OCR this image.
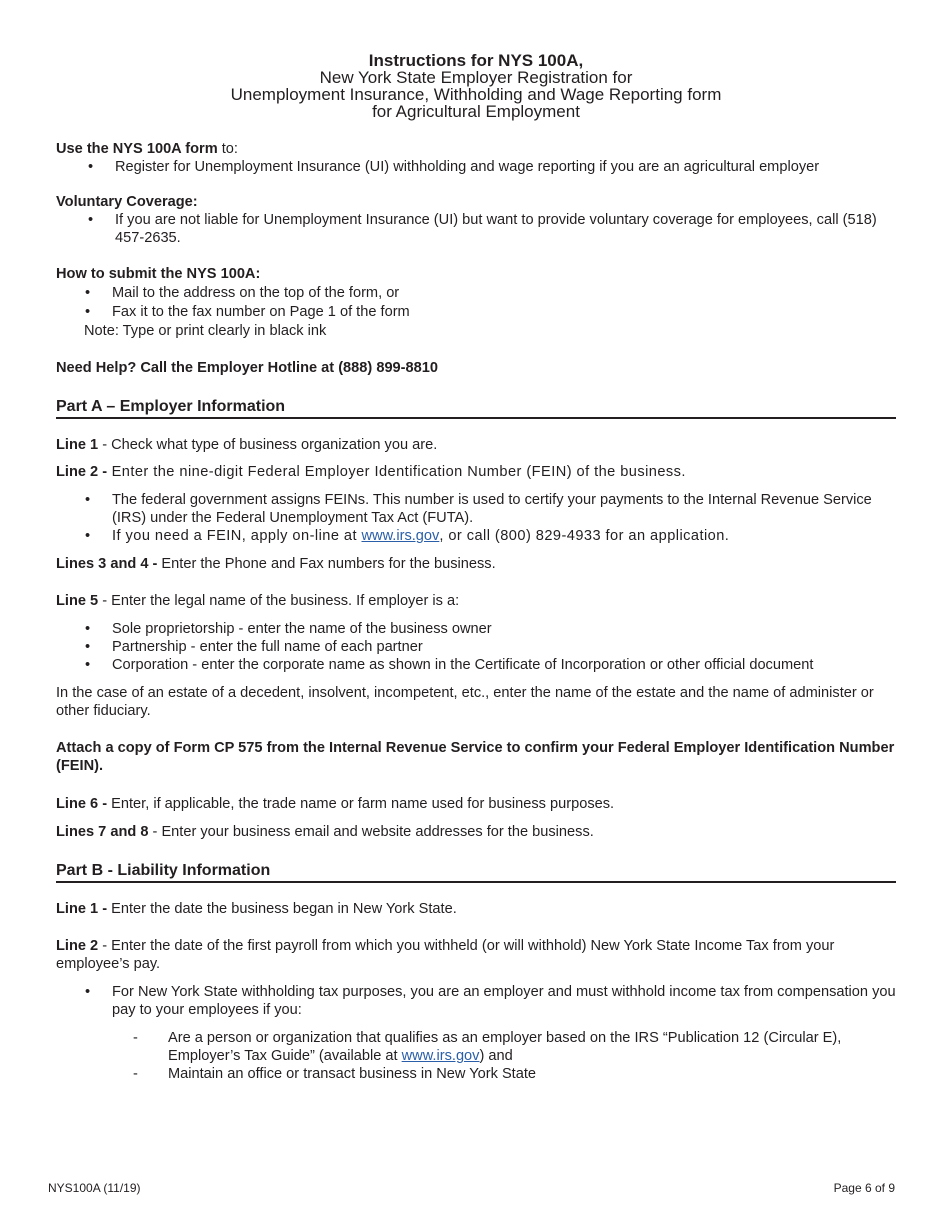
Instructions for NYS 100A,
New York State Employer Registration for
Unemployment Insurance, Withholding and Wage Reporting form
for Agricultural Employment

Use the NYS 100A form to:

• Register for Unemployment Insurance (UI) withholding and wage reporting if you are an agricultural employer

Voluntary Coverage:

• If you are not liable for Unemployment Insurance (UI) but want to provide voluntary coverage for employees, call (518) 457-2635.

How to submit the NYS 100A:

• Mail to the address on the top of the form, or
• Fax it to the fax number on Page 1 of the form

Note: Type or print clearly in black ink

Need Help? Call the Employer Hotline at (888) 899-8810

Part A – Employer Information

Line 1 - Check what type of business organization you are.

Line 2 - Enter the nine-digit Federal Employer Identification Number (FEIN) of the business.

• The federal government assigns FEINs. This number is used to certify your payments to the Internal Revenue Service (IRS) under the Federal Unemployment Tax Act (FUTA).
• If you need a FEIN, apply on-line at www.irs.gov, or call (800) 829-4933 for an application.

Lines 3 and 4 - Enter the Phone and Fax numbers for the business.

Line 5 - Enter the legal name of the business. If employer is a:

• Sole proprietorship - enter the name of the business owner
• Partnership - enter the full name of each partner
• Corporation - enter the corporate name as shown in the Certificate of Incorporation or other official document

In the case of an estate of a decedent, insolvent, incompetent, etc., enter the name of the estate and the name of administer or other fiduciary.

Attach a copy of Form CP 575 from the Internal Revenue Service to confirm your Federal Employer Identification Number (FEIN).

Line 6 - Enter, if applicable, the trade name or farm name used for business purposes.

Lines 7 and 8 - Enter your business email and website addresses for the business.

Part B - Liability Information

Line 1 - Enter the date the business began in New York State.

Line 2 - Enter the date of the first payroll from which you withheld (or will withhold) New York State Income Tax from your employee’s pay.

• For New York State withholding tax purposes, you are an employer and must withhold income tax from compensation you pay to your employees if you:
- Are a person or organization that qualifies as an employer based on the IRS “Publication 12 (Circular E), Employer’s Tax Guide” (available at www.irs.gov) and
- Maintain an office or transact business in New York State
NYS100A (11/19)	Page 6 of 9
